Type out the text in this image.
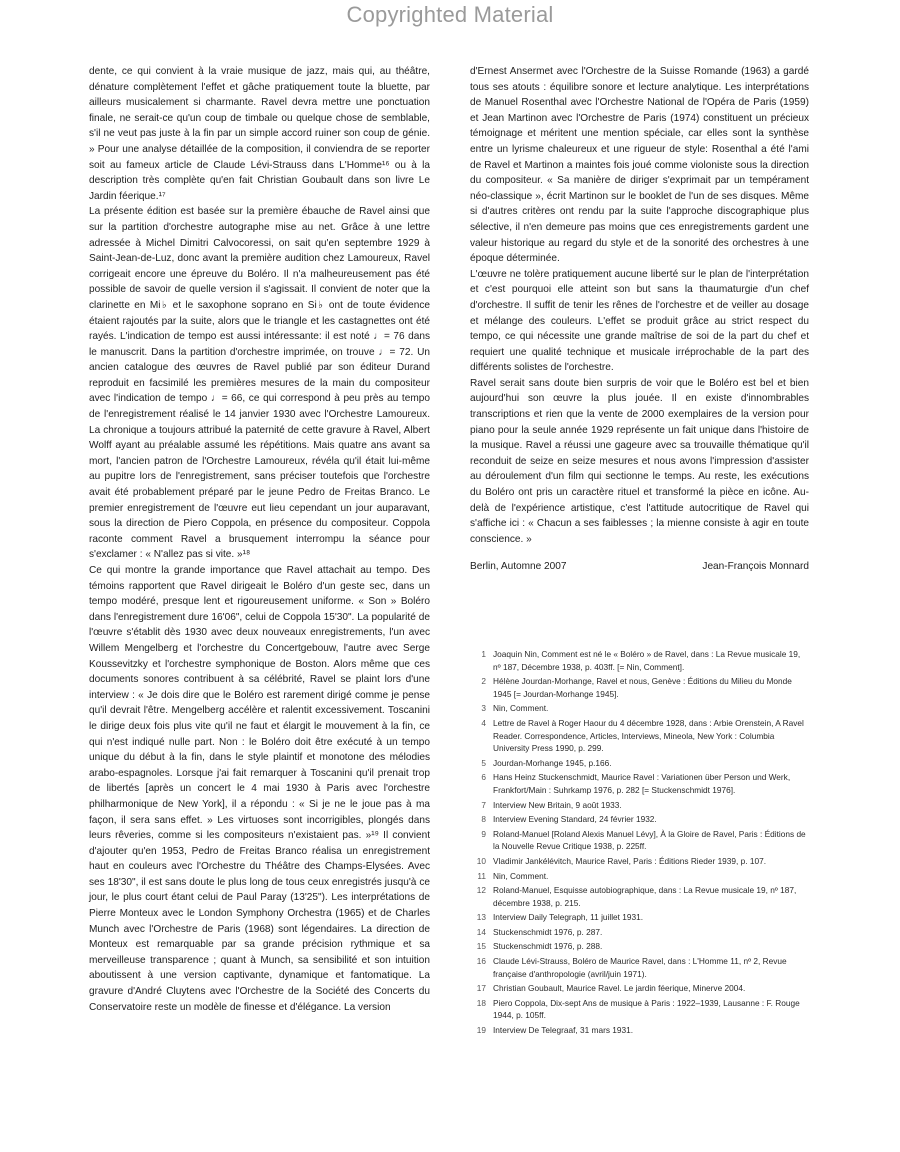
Copyrighted Material

dente, ce qui convient à la vraie musique de jazz, mais qui, au théâtre, dénature complètement l'effet et gâche pratiquement toute la bluette, par ailleurs musicalement si charmante. Ravel devra mettre une ponctuation finale, ne serait-ce qu'un coup de timbale ou quelque chose de semblable, s'il ne veut pas juste à la fin par un simple accord ruiner son coup de génie. » Pour une analyse détaillée de la composition, il conviendra de se reporter soit au fameux article de Claude Lévi-Strauss dans L'Homme¹⁶ ou à la description très complète qu'en fait Christian Goubault dans son livre Le Jardin féerique.¹⁷

La présente édition est basée sur la première ébauche de Ravel ainsi que sur la partition d'orchestre autographe mise au net. Grâce à une lettre adressée à Michel Dimitri Calvocoressi, on sait qu'en septembre 1929 à Saint-Jean-de-Luz, donc avant la première audition chez Lamoureux, Ravel corrigeait encore une épreuve du Boléro. Il n'a malheureusement pas été possible de savoir de quelle version il s'agissait. Il convient de noter que la clarinette en Mi♭ et le saxophone soprano en Si♭ ont de toute évidence étaient rajoutés par la suite, alors que le triangle et les castagnettes ont été rayés. L'indication de tempo est aussi intéressante: il est noté ♩= 76 dans le manuscrit. Dans la partition d'orchestre imprimée, on trouve ♩= 72. Un ancien catalogue des œuvres de Ravel publié par son éditeur Durand reproduit en facsimilé les premières mesures de la main du compositeur avec l'indication de tempo ♩= 66, ce qui correspond à peu près au tempo de l'enregistrement réalisé le 14 janvier 1930 avec l'Orchestre Lamoureux. La chronique a toujours attribué la paternité de cette gravure à Ravel, Albert Wolff ayant au préalable assumé les répétitions. Mais quatre ans avant sa mort, l'ancien patron de l'Orchestre Lamoureux, révéla qu'il était lui-même au pupitre lors de l'enregistrement, sans préciser toutefois que l'orchestre avait été probablement préparé par le jeune Pedro de Freitas Branco. Le premier enregistrement de l'œuvre eut lieu cependant un jour auparavant, sous la direction de Piero Coppola, en présence du compositeur. Coppola raconte comment Ravel a brusquement interrompu la séance pour s'exclamer : « N'allez pas si vite. »¹⁸

Ce qui montre la grande importance que Ravel attachait au tempo. Des témoins rapportent que Ravel dirigeait le Boléro d'un geste sec, dans un tempo modéré, presque lent et rigoureusement uniforme. « Son » Boléro dans l'enregistrement dure 16'06", celui de Coppola 15'30". La popularité de l'œuvre s'établit dès 1930 avec deux nouveaux enregistrements, l'un avec Willem Mengelberg et l'orchestre du Concertgebouw, l'autre avec Serge Koussevitzky et l'orchestre symphonique de Boston. Alors même que ces documents sonores contribuent à sa célébrité, Ravel se plaint lors d'une interview : « Je dois dire que le Boléro est rarement dirigé comme je pense qu'il devrait l'être. Mengelberg accélère et ralentit excessivement. Toscanini le dirige deux fois plus vite qu'il ne faut et élargit le mouvement à la fin, ce qui n'est indiqué nulle part. Non : le Boléro doit être exécuté à un tempo unique du début à la fin, dans le style plaintif et monotone des mélodies arabo-espagnoles. Lorsque j'ai fait remarquer à Toscanini qu'il prenait trop de libertés [après un concert le 4 mai 1930 à Paris avec l'orchestre philharmonique de New York], il a répondu : « Si je ne le joue pas à ma façon, il sera sans effet. » Les virtuoses sont incorrigibles, plongés dans leurs rêveries, comme si les compositeurs n'existaient pas. »¹⁹ Il convient d'ajouter qu'en 1953, Pedro de Freitas Branco réalisa un enregistrement haut en couleurs avec l'Orchestre du Théâtre des Champs-Elysées. Avec ses 18'30", il est sans doute le plus long de tous ceux enregistrés jusqu'à ce jour, le plus court étant celui de Paul Paray (13'25"). Les interprétations de Pierre Monteux avec le London Symphony Orchestra (1965) et de Charles Munch avec l'Orchestre de Paris (1968) sont légendaires. La direction de Monteux est remarquable par sa grande précision rythmique et sa merveilleuse transparence ; quant à Munch, sa sensibilité et son intuition aboutissent à une version captivante, dynamique et fantomatique. La gravure d'André Cluytens avec l'Orchestre de la Société des Concerts du Conservatoire reste un modèle de finesse et d'élégance. La version

d'Ernest Ansermet avec l'Orchestre de la Suisse Romande (1963) a gardé tous ses atouts : équilibre sonore et lecture analytique. Les interprétations de Manuel Rosenthal avec l'Orchestre National de l'Opéra de Paris (1959) et Jean Martinon avec l'Orchestre de Paris (1974) constituent un précieux témoignage et méritent une mention spéciale, car elles sont la synthèse entre un lyrisme chaleureux et une rigueur de style: Rosenthal a été l'ami de Ravel et Martinon a maintes fois joué comme violoniste sous la direction du compositeur. « Sa manière de diriger s'exprimait par un tempérament néo-classique », écrit Martinon sur le booklet de l'un de ses disques. Même si d'autres critères ont rendu par la suite l'approche discographique plus sélective, il n'en demeure pas moins que ces enregistrements gardent une valeur historique au regard du style et de la sonorité des orchestres à une époque déterminée.

L'œuvre ne tolère pratiquement aucune liberté sur le plan de l'interprétation et c'est pourquoi elle atteint son but sans la thaumaturgie d'un chef d'orchestre. Il suffit de tenir les rênes de l'orchestre et de veiller au dosage et mélange des couleurs. L'effet se produit grâce au strict respect du tempo, ce qui nécessite une grande maîtrise de soi de la part du chef et requiert une qualité technique et musicale irréprochable de la part des différents solistes de l'orchestre.

Ravel serait sans doute bien surpris de voir que le Boléro est bel et bien aujourd'hui son œuvre la plus jouée. Il en existe d'innombrables transcriptions et rien que la vente de 2000 exemplaires de la version pour piano pour la seule année 1929 représente un fait unique dans l'histoire de la musique. Ravel a réussi une gageure avec sa trouvaille thématique qu'il reconduit de seize en seize mesures et nous avons l'impression d'assister au déroulement d'un film qui sectionne le temps. Au reste, les exécutions du Boléro ont pris un caractère rituel et transformé la pièce en icône. Au-delà de l'expérience artistique, c'est l'attitude autocritique de Ravel qui s'affiche ici : « Chacun a ses faiblesses ; la mienne consiste à agir en toute conscience. »

Berlin, Automne 2007	Jean-François Monnard
1 Joaquin Nin, Comment est né le « Boléro » de Ravel, dans : La Revue musicale 19, nº 187, Décembre 1938, p. 403ff. [= Nin, Comment].
2 Hélène Jourdan-Morhange, Ravel et nous, Genève : Éditions du Milieu du Monde 1945 [= Jourdan-Morhange 1945].
3 Nin, Comment.
4 Lettre de Ravel à Roger Haour du 4 décembre 1928, dans : Arbie Orenstein, A Ravel Reader. Correspondence, Articles, Interviews, Mineola, New York : Columbia University Press 1990, p. 299.
5 Jourdan-Morhange 1945, p.166.
6 Hans Heinz Stuckenschmidt, Maurice Ravel : Variationen über Person und Werk, Frankfort/Main : Suhrkamp 1976, p. 282 [= Stuckenschmidt 1976].
7 Interview New Britain, 9 août 1933.
8 Interview Evening Standard, 24 février 1932.
9 Roland-Manuel [Roland Alexis Manuel Lévy], À la Gloire de Ravel, Paris : Éditions de la Nouvelle Revue Critique 1938, p. 225ff.
10 Vladimir Jankélévitch, Maurice Ravel, Paris : Éditions Rieder 1939, p. 107.
11 Nin, Comment.
12 Roland-Manuel, Esquisse autobiographique, dans : La Revue musicale 19, nº 187, décembre 1938, p. 215.
13 Interview Daily Telegraph, 11 juillet 1931.
14 Stuckenschmidt 1976, p. 287.
15 Stuckenschmidt 1976, p. 288.
16 Claude Lévi-Strauss, Boléro de Maurice Ravel, dans : L'Homme 11, nº 2, Revue française d'anthropologie (avril/juin 1971).
17 Christian Goubault, Maurice Ravel. Le jardin féerique, Minerve 2004.
18 Piero Coppola, Dix-sept Ans de musique à Paris : 1922–1939, Lausanne : F. Rouge 1944, p. 105ff.
19 Interview De Telegraaf, 31 mars 1931.
